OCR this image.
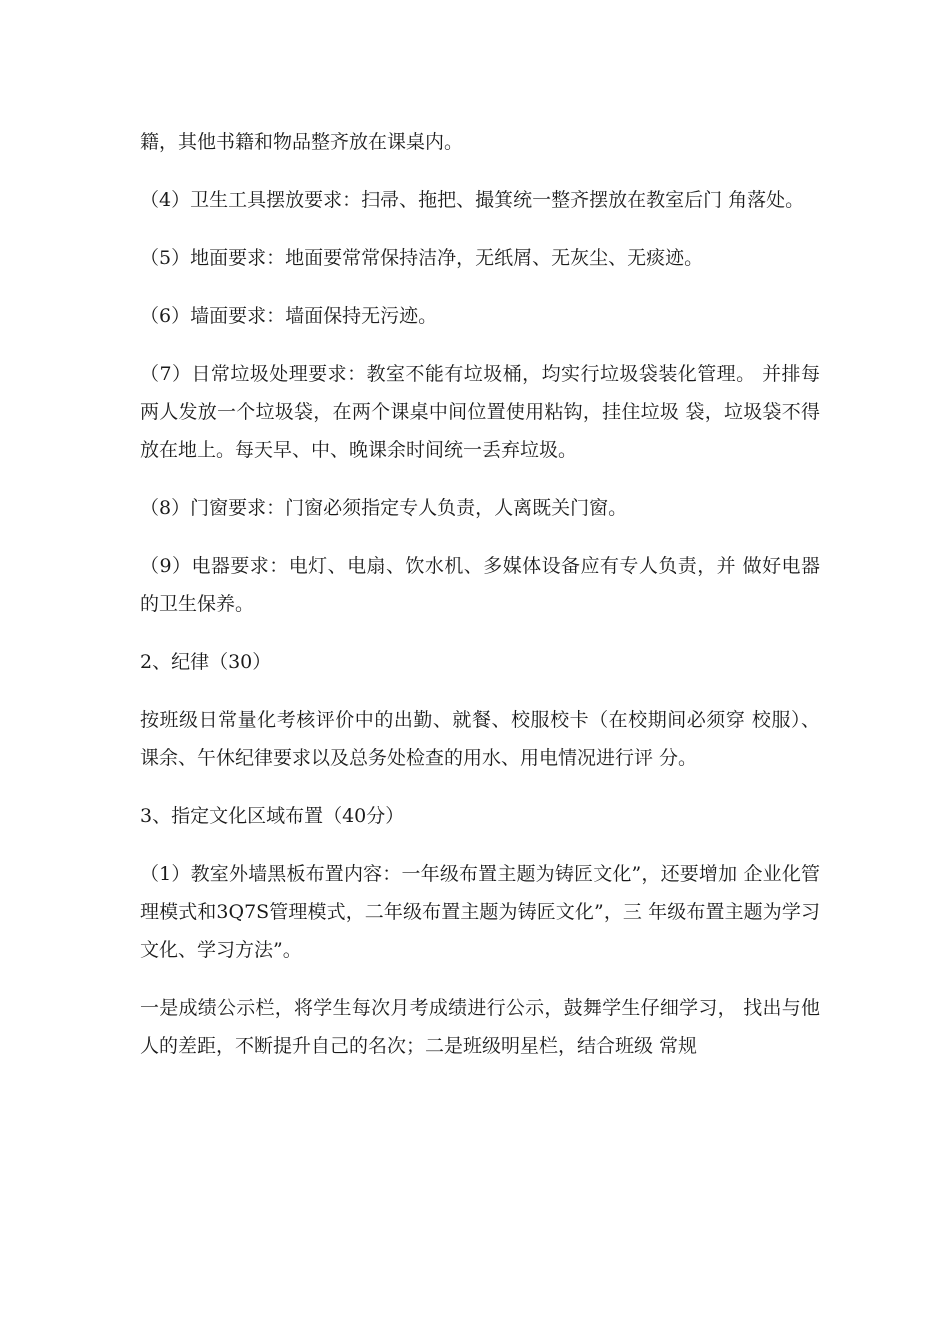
籍，其他书籍和物品整齐放在课桌内。

（4）卫生工具摆放要求：扫帚、拖把、撮箕统一整齐摆放在教室后门 角落处。

（5）地面要求：地面要常常保持洁净，无纸屑、无灰尘、无痰迹。

（6）墙面要求：墙面保持无污迹。

（7）日常垃圾处理要求：教室不能有垃圾桶，均实行垃圾袋装化管理。 并排每两人发放一个垃圾袋，在两个课桌中间位置使用粘钩，挂住垃圾 袋，垃圾袋不得放在地上。每天早、中、晚课余时间统一丢弃垃圾。

（8）门窗要求：门窗必须指定专人负责，人离既关门窗。

（9）电器要求：电灯、电扇、饮水机、多媒体设备应有专人负责，并 做好电器的卫生保养。

2、纪律（30）

按班级日常量化考核评价中的出勤、就餐、校服校卡（在校期间必须穿 校服）、课余、午休纪律要求以及总务处检查的用水、用电情况进行评 分。

3、指定文化区域布置（40分）

（1）教室外墙黑板布置内容：一年级布置主题为铸匠文化”，还要增加 企业化管理模式和3Q7S管理模式，二年级布置主题为铸匠文化”，三 年级布置主题为学习文化、学习方法”。

一是成绩公示栏，将学生每次月考成绩进行公示，鼓舞学生仔细学习， 找出与他人的差距，不断提升自己的名次；二是班级明星栏，结合班级 常规
